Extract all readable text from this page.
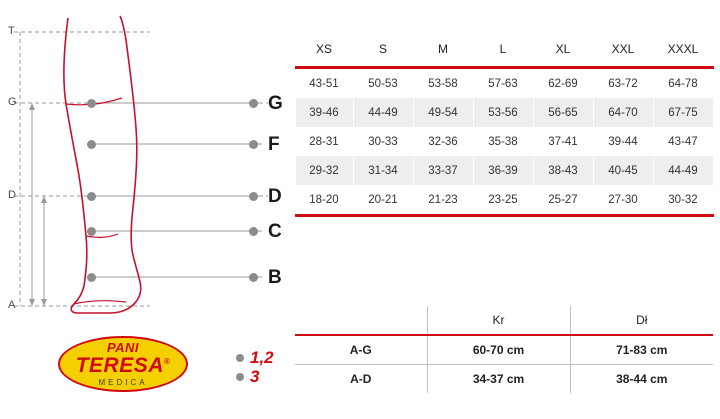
T
G
D
A
G
F
D
C
B
PANI
TERESA®
MEDICA
1,2
3
	XS	S	M	L	XL	XXL	XXXL
	43-51	50-53	53-58	57-63	62-69	63-72	64-78
	39-46	44-49	49-54	53-56	56-65	64-70	67-75
	28-31	30-33	32-36	35-38	37-41	39-44	43-47
	29-32	31-34	33-37	36-39	38-43	40-45	44-49
	18-20	20-21	21-23	23-25	25-27	27-30	30-32
	Kr	Dł
A-G	60-70 cm	71-83 cm
A-D	34-37 cm	38-44 cm
